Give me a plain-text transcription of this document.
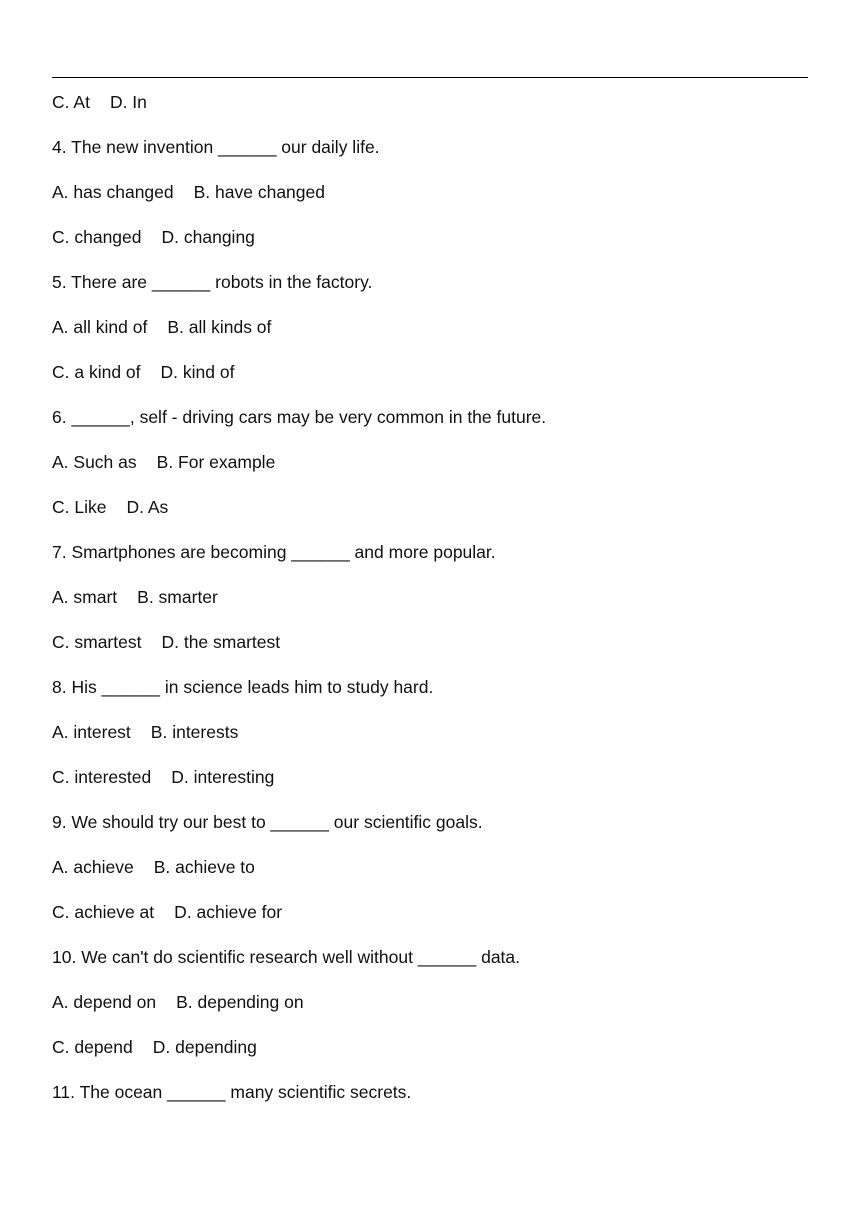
C. At D. In
4. The new invention ______ our daily life.
A. has changed B. have changed
C. changed D. changing
5. There are ______ robots in the factory.
A. all kind of B. all kinds of
C. a kind of D. kind of
6. ______, self - driving cars may be very common in the future.
A. Such as B. For example
C. Like D. As
7. Smartphones are becoming ______ and more popular.
A. smart B. smarter
C. smartest D. the smartest
8. His ______ in science leads him to study hard.
A. interest B. interests
C. interested D. interesting
9. We should try our best to ______ our scientific goals.
A. achieve B. achieve to
C. achieve at D. achieve for
10. We can't do scientific research well without ______ data.
A. depend on B. depending on
C. depend D. depending
11. The ocean ______ many scientific secrets.
